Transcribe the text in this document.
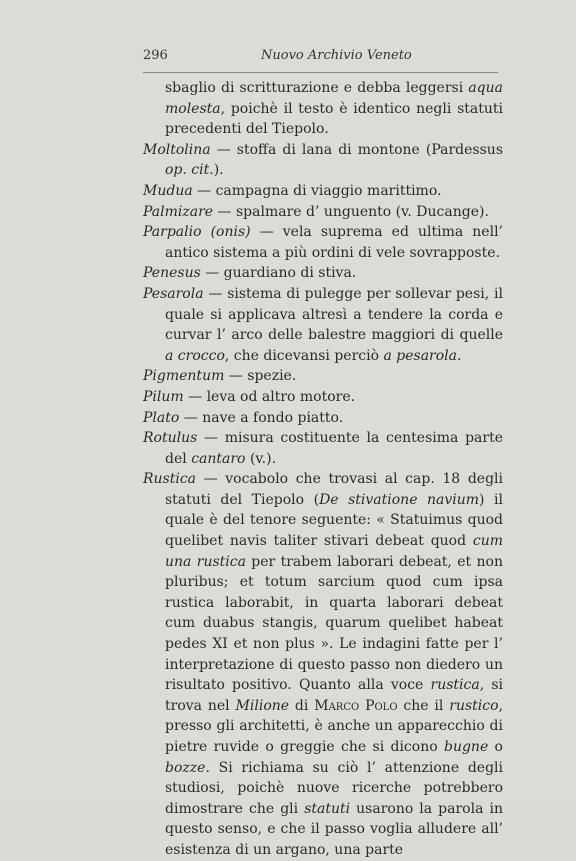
296	Nuovo Archivio Veneto

sbaglio di scritturazione e debba leggersi aqua molesta, poichè il testo è identico negli statuti precedenti del Tiepolo.

Moltolina — stoffa di lana di montone (Pardessus op. cit.).

Mudua — campagna di viaggio marittimo.

Palmizare — spalmare d’ unguento (v. Ducange).

Parpalio (onis) — vela suprema ed ultima nell’ antico sistema a più ordini di vele sovrapposte.

Penesus — guardiano di stiva.

Pesarola — sistema di pulegge per sollevar pesi, il quale si applicava altresì a tendere la corda e curvar l’ arco delle balestre maggiori di quelle a crocco, che dicevansi perciò a pesarola.

Pigmentum — spezie.

Pilum — leva od altro motore.

Plato — nave a fondo piatto.

Rotulus — misura costituente la centesima parte del cantaro (v.).

Rustica — vocabolo che trovasi al cap. 18 degli statuti del Tiepolo (De stivatione navium) il quale è del tenore seguente: « Statuimus quod quelibet navis taliter stivari debeat quod cum una rustica per trabem laborari debeat, et non pluribus; et totum sarcium quod cum ipsa rustica laborabit, in quarta laborari debeat cum duabus stangis, quarum quelibet habeat pedes XI et non plus ». Le indagini fatte per l’ interpretazione di questo passo non diedero un risultato positivo. Quanto alla voce rustica, si trova nel Milione di Marco Polo che il rustico, presso gli architetti, è anche un apparecchio di pietre ruvide o greggie che si dicono bugne o bozze. Si richiama su ciò l’ attenzione degli studiosi, poichè nuove ricerche potrebbero dimostrare che gli statuti usarono la parola in questo senso, e che il passo voglia alludere all’ esistenza di un argano, una parte
